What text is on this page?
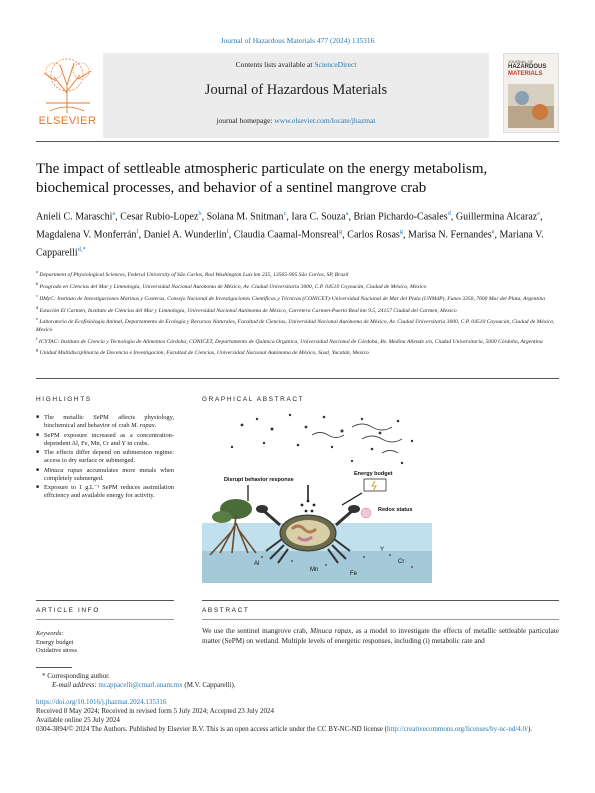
Journal of Hazardous Materials 477 (2024) 135316
ELSEVIER
Contents lists available at ScienceDirect
Journal of Hazardous Materials
journal homepage: www.elsevier.com/locate/jhazmat
JOURNAL OF
HAZARDOUS
MATERIALS
The impact of settleable atmospheric particulate on the energy metabolism, biochemical processes, and behavior of a sentinel mangrove crab
Anieli C. Maraschi$^a$, Cesar Rubio-Lopez$^b$, Solana M. Snitman$^c$, Iara C. Souza$^a$, Brian Pichardo-Casales$^d$, Guillermina Alcaraz$^e$, Magdalena V. Monferrán$^f$, Daniel A. Wunderlin$^f$, Claudia Caamal-Monsreal$^g$, Carlos Rosas$^g$, Marisa N. Fernandes$^a$, Mariana V. Capparelli$^{d,*}$

$^a$ Department of Physiological Sciences, Federal University of São Carlos, Rod Washington Luís km 235, 13565-905 São Carlos, SP, Brazil

$^b$ Posgrado en Ciencias del Mar y Limnología, Universidad Nacional Autónoma de México, Av. Ciudad Universitaria 3000, C.P. 04510 Coyoacán, Ciudad de México, Mexico

$^c$ IIMyC: Instituto de Investigaciones Marinas y Costeras, Consejo Nacional de Investigaciones Científicas y Técnicas (CONICET)-Universidad Nacional de Mar del Plata (UNMdP), Funes 3350, 7600 Mar del Plata, Argentina

$^d$ Estación El Carmen, Instituto de Ciencias del Mar y Limnología, Universidad Nacional Autónoma de México, Carretera Carmen-Puerto Real km 9.5, 24157 Ciudad del Carmen, Mexico

$^e$ Laboratorio de Ecofisiología Animal, Departamento de Ecología y Recursos Naturales, Facultad de Ciencias, Universidad Nacional Autónoma de México, Av. Ciudad Universitaria 3000, C.P. 04510 Coyoacán, Ciudad de México, Mexico

$^f$ ICYTAC: Instituto de Ciencia y Tecnología de Alimentos Córdoba, CONICET, Departamento de Química Orgánica, Universidad Nacional de Córdoba, Bv. Medina Allende s/n, Ciudad Universitaria, 5000 Córdoba, Argentina

$^g$ Unidad Multidisciplinaria de Docencia e Investigación, Facultad de Ciencias, Universidad Nacional Autónoma de México, Sisal, Yucatán, Mexico

HIGHLIGHTS
■ The metallic SePM affects physiology, biochemical and behavior of crab M. rapax.
■ SePM exposure increased as a concentration-dependent Al, Fe, Mn, Cr and Y in crabs.
■ The effects differ depend on submersion regime: access to dry surface or submerged.
■ Minuca rapax accumulates more metals when completely submerged.
■ Exposure to 1 g.L⁻¹ SePM reduces assimilation efficiency and available energy for activity.
GRAPHICAL ABSTRACT
Disrupt behavior response
Energy budget
Redox status
Al
Mn
Fe
Y
Cr
ARTICLE INFO	ABSTRACT
Keywords:
Energy budget
Oxidative stress
We use the sentinel mangrove crab, Minuca rapax, as a model to investigate the effects of metallic settleable particulate matter (SePM) on wetland. Multiple levels of energetic responses, including (i) metabolic rate and
* Corresponding author.
E-mail address: mcappacelli@cmarl.unam.mx (M.V. Capparelli).
https://doi.org/10.1016/j.jhazmat.2024.135316
Received 8 May 2024; Received in revised form 5 July 2024; Accepted 23 July 2024
Available online 25 July 2024
0304-3894/© 2024 The Authors. Published by Elsevier B.V. This is an open access article under the CC BY-NC-ND license (http://creativecommons.org/licenses/by-nc-nd/4.0/).
